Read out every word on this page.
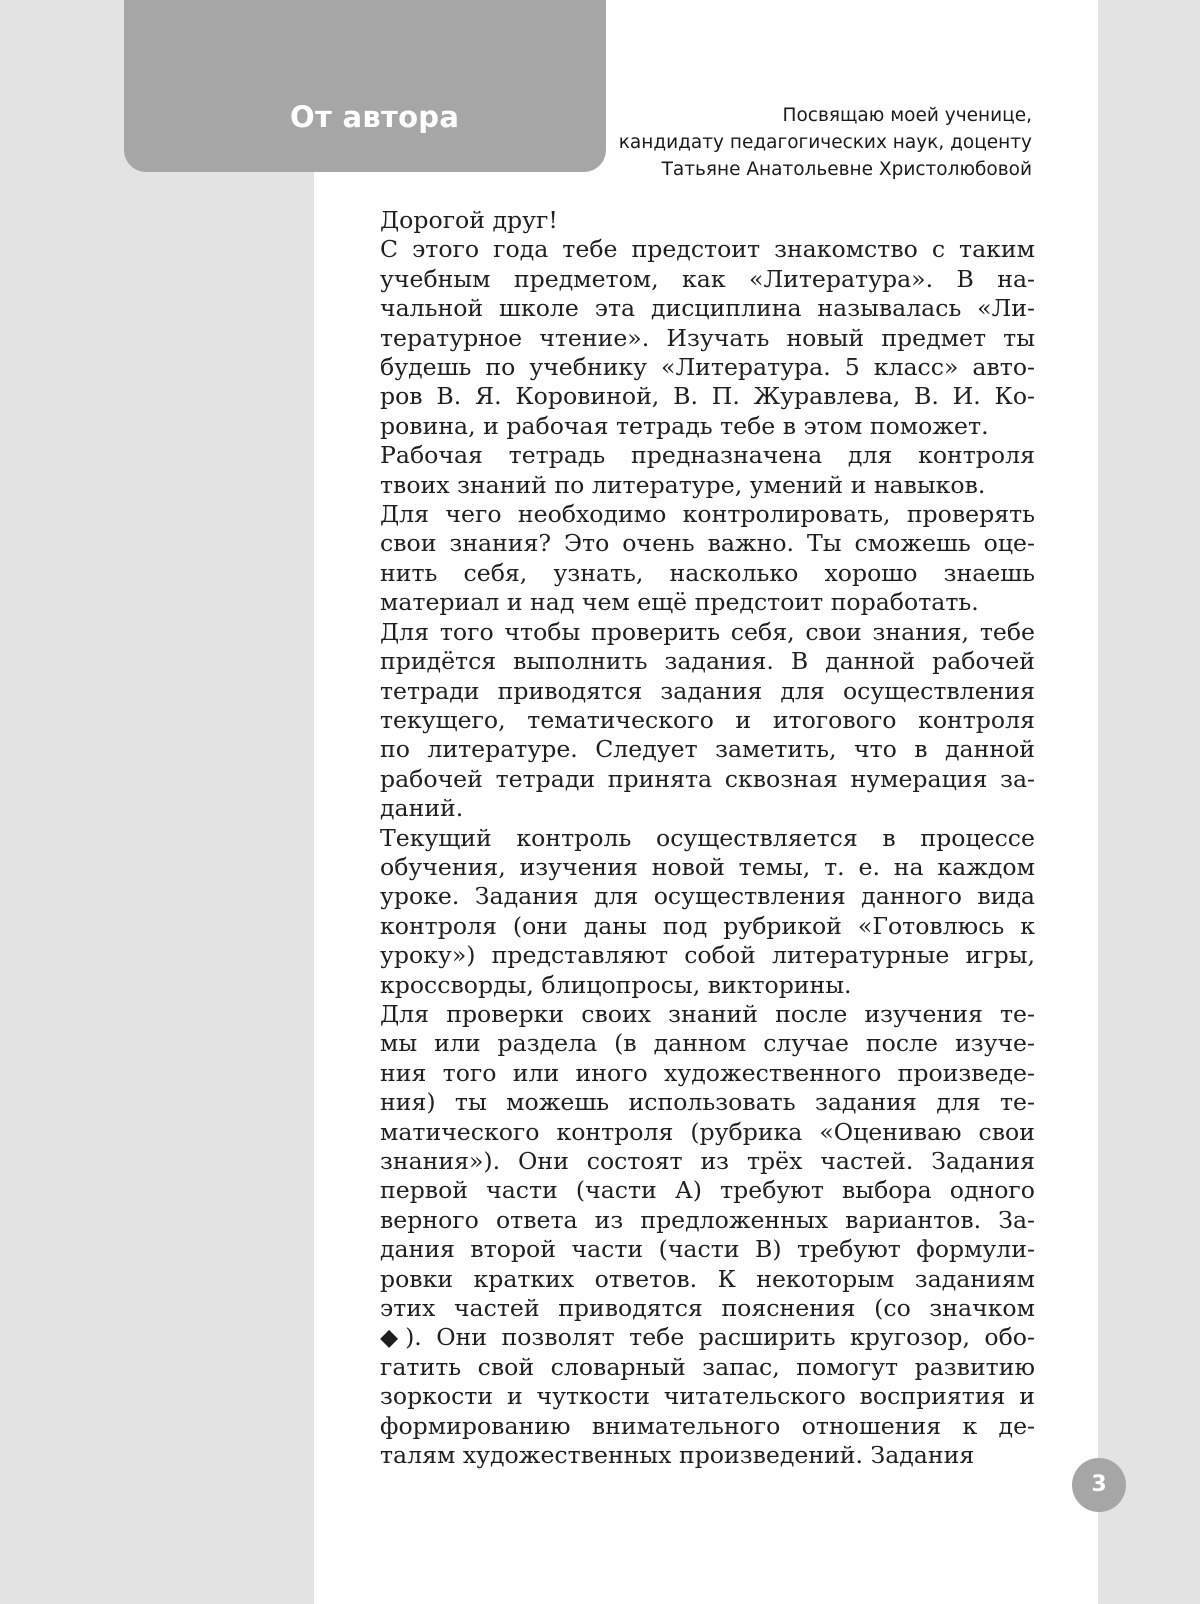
От автора	Посвящаю моей ученице,
кандидату педагогических наук, доценту
Татьяне Анатольевне Христолюбовой
Дорогой друг!
С этого года тебе предстоит знакомство с таким
учебным предметом, как «Литература». В на-
чальной школе эта дисциплина называлась «Ли-
тературное чтение». Изучать новый предмет ты
будешь по учебнику «Литература. 5 класс» авто-
ров В. Я. Коровиной, В. П. Журавлева, В. И. Ко-
ровина, и рабочая тетрадь тебе в этом поможет.
Рабочая тетрадь предназначена для контроля
твоих знаний по литературе, умений и навыков.
Для чего необходимо контролировать, проверять
свои знания? Это очень важно. Ты сможешь оце-
нить себя, узнать, насколько хорошо знаешь
материал и над чем ещё предстоит поработать.
Для того чтобы проверить себя, свои знания, тебе
придётся выполнить задания. В данной рабочей
тетради приводятся задания для осуществления
текущего, тематического и итогового контроля
по литературе. Следует заметить, что в данной
рабочей тетради принята сквозная нумерация за-
даний.
Текущий контроль осуществляется в процессе
обучения, изучения новой темы, т. е. на каждом
уроке. Задания для осуществления данного вида
контроля (они даны под рубрикой «Готовлюсь к
уроку») представляют собой литературные игры,
кроссворды, блицопросы, викторины.
Для проверки своих знаний после изучения те-
мы или раздела (в данном случае после изуче-
ния того или иного художественного произведе-
ния) ты можешь использовать задания для те-
матического контроля (рубрика «Оцениваю свои
знания»). Они состоят из трёх частей. Задания
первой части (части А) требуют выбора одного
верного ответа из предложенных вариантов. За-
дания второй части (части В) требуют формули-
ровки кратких ответов. К некоторым заданиям
этих частей приводятся пояснения (со значком
◆). Они позволят тебе расширить кругозор, обо-
гатить свой словарный запас, помогут развитию
зоркости и чуткости читательского восприятия и
формированию внимательного отношения к де-
талям художественных произведений. Задания
3
